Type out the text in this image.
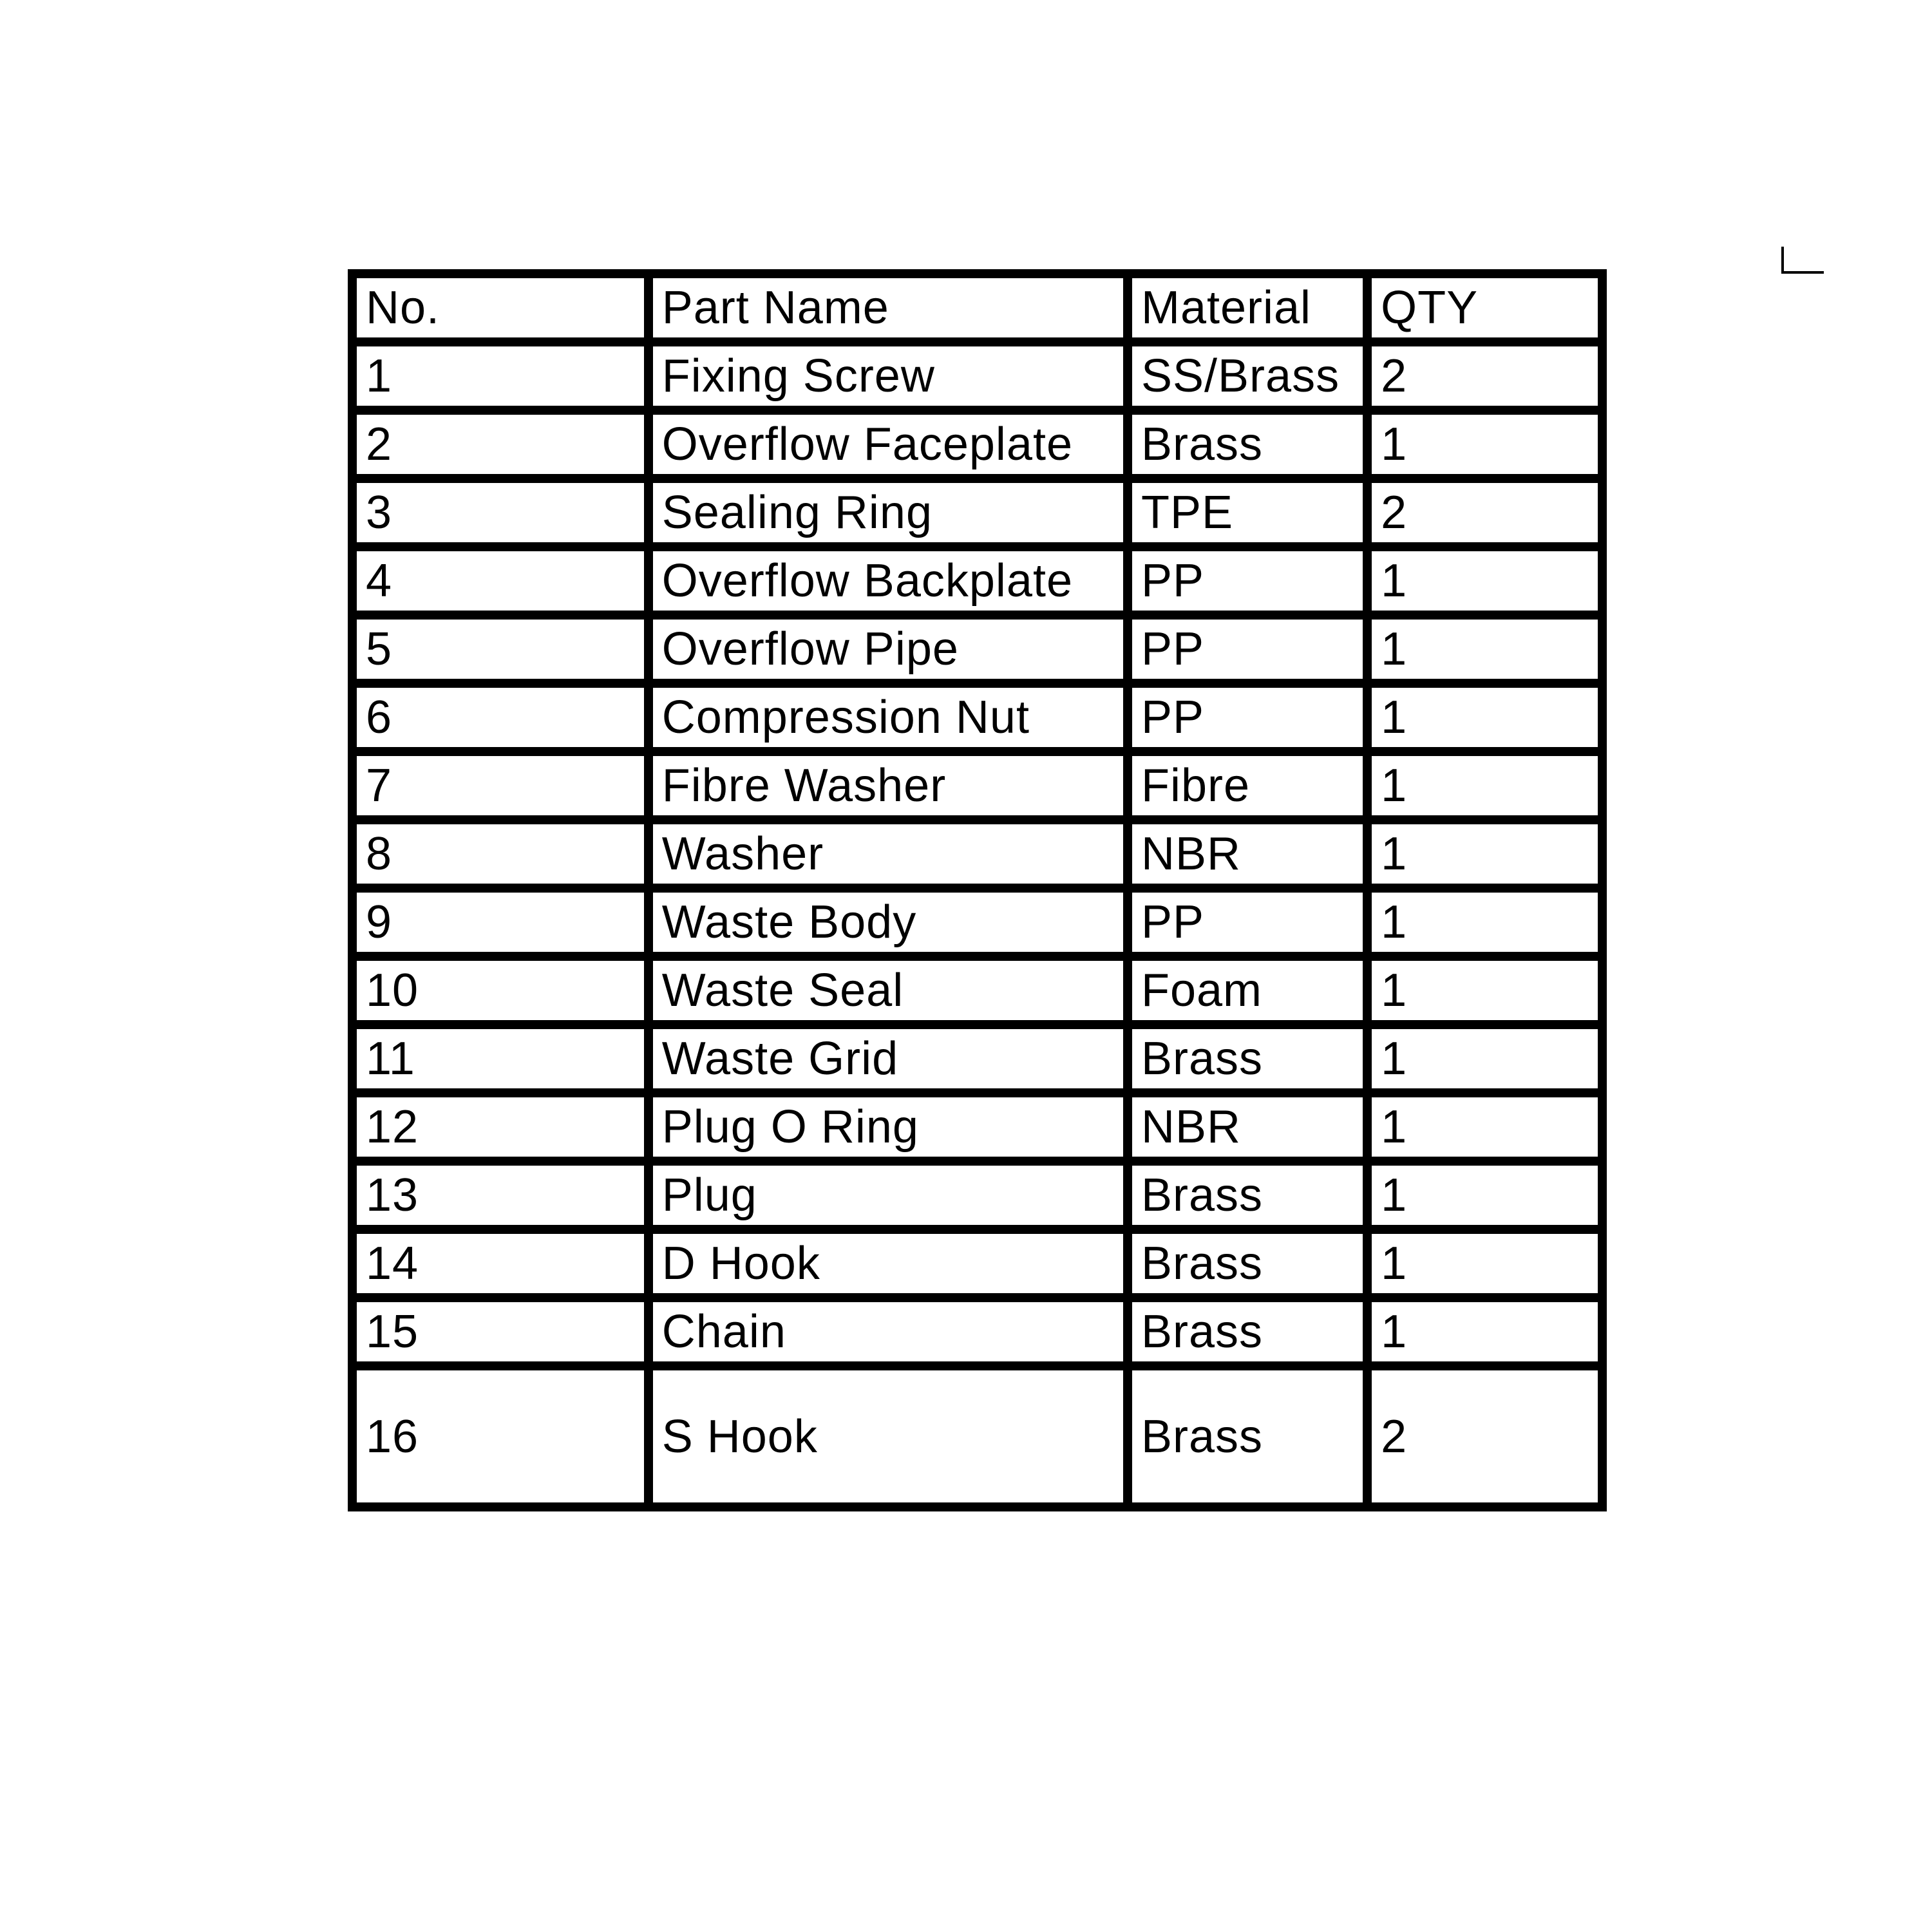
No.	Part Name	Material	QTY
1	Fixing Screw	SS/Brass	2
2	Overflow Faceplate	Brass	1
3	Sealing Ring	TPE	2
4	Overflow Backplate	PP	1
5	Overflow Pipe	PP	1
6	Compression Nut	PP	1
7	Fibre Washer	Fibre	1
8	Washer	NBR	1
9	Waste Body	PP	1
10	Waste Seal	Foam	1
11	Waste Grid	Brass	1
12	Plug O Ring	NBR	1
13	Plug	Brass	1
14	D Hook	Brass	1
15	Chain	Brass	1
16	S Hook	Brass	2
